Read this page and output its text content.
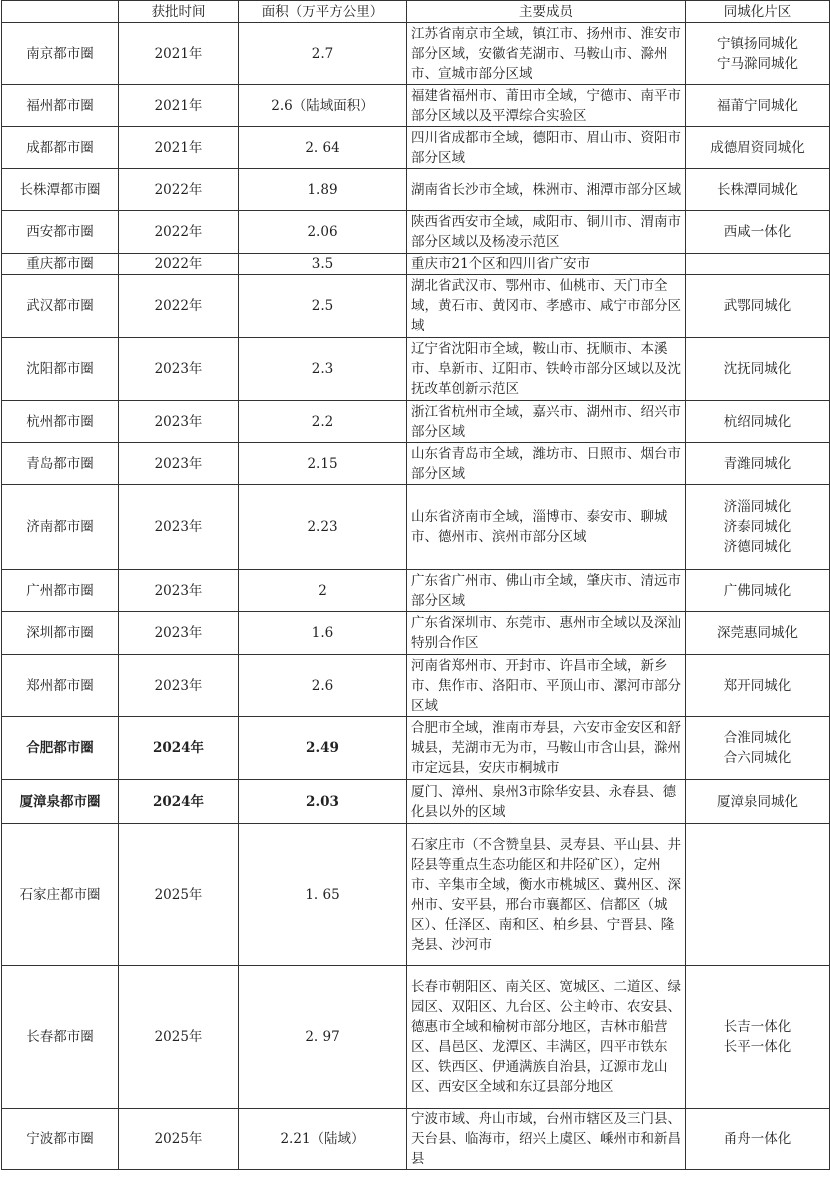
	获批时间	面积（万平方公里）	主要成员	同城化片区
南京都市圈	2021年	2.7	江苏省南京市全域，镇江市、扬州市、淮安市部分区域，安徽省芜湖市、马鞍山市、滁州市、宣城市部分区域	宁镇扬同城化
宁马滁同城化

福州都市圈	2021年	2.6（陆域面积）	福建省福州市、莆田市全域，宁德市、南平市部分区域以及平潭综合实验区	福莆宁同城化

成都都市圈	2021年	2. 64	四川省成都市全域，德阳市、眉山市、资阳市部分区域	成德眉资同城化

长株潭都市圈	2022年	1.89	湖南省长沙市全域，株洲市、湘潭市部分区域	长株潭同城化

西安都市圈	2022年	2.06	陕西省西安市全域，咸阳市、铜川市、渭南市部分区域以及杨凌示范区	西咸一体化

重庆都市圈	2022年	3.5	重庆市21个区和四川省广安市	
武汉都市圈	2022年	2.5	湖北省武汉市、鄂州市、仙桃市、天门市全域，黄石市、黄冈市、孝感市、咸宁市部分区域	武鄂同城化

沈阳都市圈	2023年	2.3	辽宁省沈阳市全域，鞍山市、抚顺市、本溪市、阜新市、辽阳市、铁岭市部分区域以及沈抚改革创新示范区	沈抚同城化

杭州都市圈	2023年	2.2	浙江省杭州市全域，嘉兴市、湖州市、绍兴市部分区域	杭绍同城化

青岛都市圈	2023年	2.15	山东省青岛市全域，潍坊市、日照市、烟台市部分区域	青潍同城化

济南都市圈	2023年	2.23	山东省济南市全域，淄博市、泰安市、聊城市、德州市、滨州市部分区域	济淄同城化
济泰同城化
济德同城化

广州都市圈	2023年	2	广东省广州市、佛山市全域，肇庆市、清远市部分区域	广佛同城化

深圳都市圈	2023年	1.6	广东省深圳市、东莞市、惠州市全域以及深汕特别合作区	深莞惠同城化

郑州都市圈	2023年	2.6	河南省郑州市、开封市、许昌市全域，新乡市、焦作市、洛阳市、平顶山市、漯河市部分区域	郑开同城化

合肥都市圈	2024年	2.49	合肥市全域，淮南市寿县，六安市金安区和舒城县，芜湖市无为市，马鞍山市含山县，滁州市定远县，安庆市桐城市	合淮同城化
合六同城化

厦漳泉都市圈	2024年	2.03	厦门、漳州、泉州3市除华安县、永春县、德化县以外的区域	厦漳泉同城化

石家庄都市圈	2025年	1. 65	石家庄市（不含赞皇县、灵寿县、平山县、井陉县等重点生态功能区和井陉矿区），定州市、辛集市全域，衡水市桃城区、冀州区、深州市、安平县，邢台市襄都区、信都区（城区）、任泽区、南和区、柏乡县、宁晋县、隆尧县、沙河市	
长春都市圈	2025年	2. 97	长春市朝阳区、南关区、宽城区、二道区、绿园区、双阳区、九台区、公主岭市、农安县、德惠市全域和榆树市部分地区，吉林市船营区、昌邑区、龙潭区、丰满区，四平市铁东区、铁西区、伊通满族自治县，辽源市龙山区、西安区全域和东辽县部分地区	长吉一体化
长平一体化

宁波都市圈	2025年	2.21（陆域）	宁波市域、舟山市域，台州市辖区及三门县、天台县、临海市，绍兴上虞区、嵊州市和新昌县	甬舟一体化
